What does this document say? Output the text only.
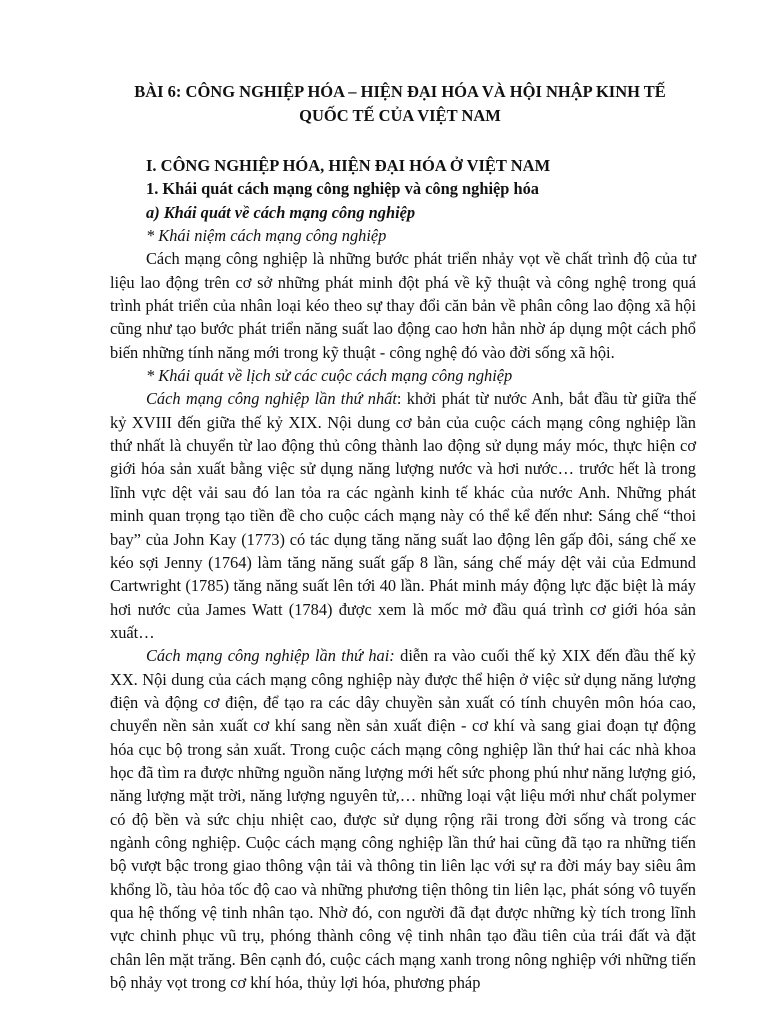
BÀI 6: CÔNG NGHIỆP HÓA – HIỆN ĐẠI HÓA VÀ HỘI NHẬP KINH TẾ
QUỐC TẾ CỦA VIỆT NAM

I. CÔNG NGHIỆP HÓA, HIỆN ĐẠI HÓA Ở VIỆT NAM

1. Khái quát cách mạng công nghiệp và công nghiệp hóa

a) Khái quát về cách mạng công nghiệp

* Khái niệm cách mạng công nghiệp

Cách mạng công nghiệp là những bước phát triển nhảy vọt về chất trình độ của tư liệu lao động trên cơ sở những phát minh đột phá về kỹ thuật và công nghệ trong quá trình phát triển của nhân loại kéo theo sự thay đổi căn bản về phân công lao động xã hội cũng như tạo bước phát triển năng suất lao động cao hơn hẳn nhờ áp dụng một cách phổ biến những tính năng mới trong kỹ thuật - công nghệ đó vào đời sống xã hội.

* Khái quát về lịch sử các cuộc cách mạng công nghiệp

Cách mạng công nghiệp lần thứ nhất: khởi phát từ nước Anh, bắt đầu từ giữa thế kỷ XVIII đến giữa thế kỷ XIX. Nội dung cơ bản của cuộc cách mạng công nghiệp lần thứ nhất là chuyển từ lao động thủ công thành lao động sử dụng máy móc, thực hiện cơ giới hóa sản xuất bằng việc sử dụng năng lượng nước và hơi nước… trước hết là trong lĩnh vực dệt vải sau đó lan tỏa ra các ngành kinh tế khác của nước Anh. Những phát minh quan trọng tạo tiền đề cho cuộc cách mạng này có thể kể đến như: Sáng chế “thoi bay” của John Kay (1773) có tác dụng tăng năng suất lao động lên gấp đôi, sáng chế xe kéo sợi Jenny (1764) làm tăng năng suất gấp 8 lần, sáng chế máy dệt vải của Edmund Cartwright (1785) tăng năng suất lên tới 40 lần. Phát minh máy động lực đặc biệt là máy hơi nước của James Watt (1784) được xem là mốc mở đầu quá trình cơ giới hóa sản xuất…

Cách mạng công nghiệp lần thứ hai: diễn ra vào cuối thế kỷ XIX đến đầu thế kỷ XX. Nội dung của cách mạng công nghiệp này được thể hiện ở việc sử dụng năng lượng điện và động cơ điện, để tạo ra các dây chuyền sản xuất có tính chuyên môn hóa cao, chuyển nền sản xuất cơ khí sang nền sản xuất điện - cơ khí và sang giai đoạn tự động hóa cục bộ trong sản xuất. Trong cuộc cách mạng công nghiệp lần thứ hai các nhà khoa học đã tìm ra được những nguồn năng lượng mới hết sức phong phú như năng lượng gió, năng lượng mặt trời, năng lượng nguyên tử,… những loại vật liệu mới như chất polymer có độ bền và sức chịu nhiệt cao, được sử dụng rộng rãi trong đời sống và trong các ngành công nghiệp. Cuộc cách mạng công nghiệp lần thứ hai cũng đã tạo ra những tiến bộ vượt bậc trong giao thông vận tải và thông tin liên lạc với sự ra đời máy bay siêu âm khổng lồ, tàu hỏa tốc độ cao và những phương tiện thông tin liên lạc, phát sóng vô tuyến qua hệ thống vệ tinh nhân tạo. Nhờ đó, con người đã đạt được những kỳ tích trong lĩnh vực chinh phục vũ trụ, phóng thành công vệ tinh nhân tạo đầu tiên của trái đất và đặt chân lên mặt trăng. Bên cạnh đó, cuộc cách mạng xanh trong nông nghiệp với những tiến bộ nhảy vọt trong cơ khí hóa, thủy lợi hóa, phương pháp
